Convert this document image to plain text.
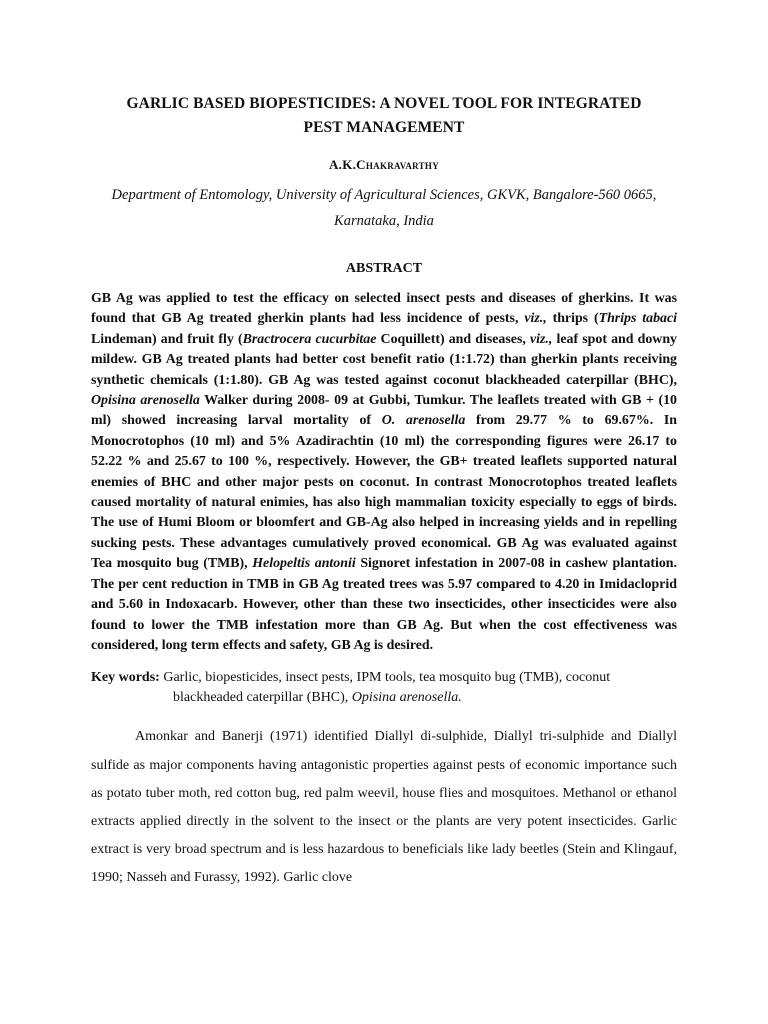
GARLIC BASED BIOPESTICIDES: A NOVEL TOOL FOR INTEGRATED
PEST MANAGEMENT

A.K.Chakravarthy

Department of Entomology, University of Agricultural Sciences, GKVK, Bangalore-560 0665,
Karnataka, India

ABSTRACT

GB Ag was applied to test the efficacy on selected insect pests and diseases of gherkins. It was found that GB Ag treated gherkin plants had less incidence of pests, viz., thrips (Thrips tabaci Lindeman) and fruit fly (Bractrocera cucurbitae Coquillett) and diseases, viz., leaf spot and downy mildew. GB Ag treated plants had better cost benefit ratio (1:1.72) than gherkin plants receiving synthetic chemicals (1:1.80). GB Ag was tested against coconut blackheaded caterpillar (BHC), Opisina arenosella Walker during 2008- 09 at Gubbi, Tumkur. The leaflets treated with GB + (10 ml) showed increasing larval mortality of O. arenosella from 29.77 % to 69.67%. In Monocrotophos (10 ml) and 5% Azadirachtin (10 ml) the corresponding figures were 26.17 to 52.22 % and 25.67 to 100 %, respectively. However, the GB+ treated leaflets supported natural enemies of BHC and other major pests on coconut. In contrast Monocrotophos treated leaflets caused mortality of natural enimies, has also high mammalian toxicity especially to eggs of birds. The use of Humi Bloom or bloomfert and GB-Ag also helped in increasing yields and in repelling sucking pests. These advantages cumulatively proved economical. GB Ag was evaluated against Tea mosquito bug (TMB), Helopeltis antonii Signoret infestation in 2007-08 in cashew plantation. The per cent reduction in TMB in GB Ag treated trees was 5.97 compared to 4.20 in Imidacloprid and 5.60 in Indoxacarb. However, other than these two insecticides, other insecticides were also found to lower the TMB infestation more than GB Ag. But when the cost effectiveness was considered, long term effects and safety, GB Ag is desired.

Key words: Garlic, biopesticides, insect pests, IPM tools, tea mosquito bug (TMB), coconut blackheaded caterpillar (BHC), Opisina arenosella.

Amonkar and Banerji (1971) identified Diallyl di-sulphide, Diallyl tri-sulphide and Diallyl sulfide as major components having antagonistic properties against pests of economic importance such as potato tuber moth, red cotton bug, red palm weevil, house flies and mosquitoes. Methanol or ethanol extracts applied directly in the solvent to the insect or the plants are very potent insecticides. Garlic extract is very broad spectrum and is less hazardous to beneficials like lady beetles (Stein and Klingauf, 1990; Nasseh and Furassy, 1992). Garlic clove
